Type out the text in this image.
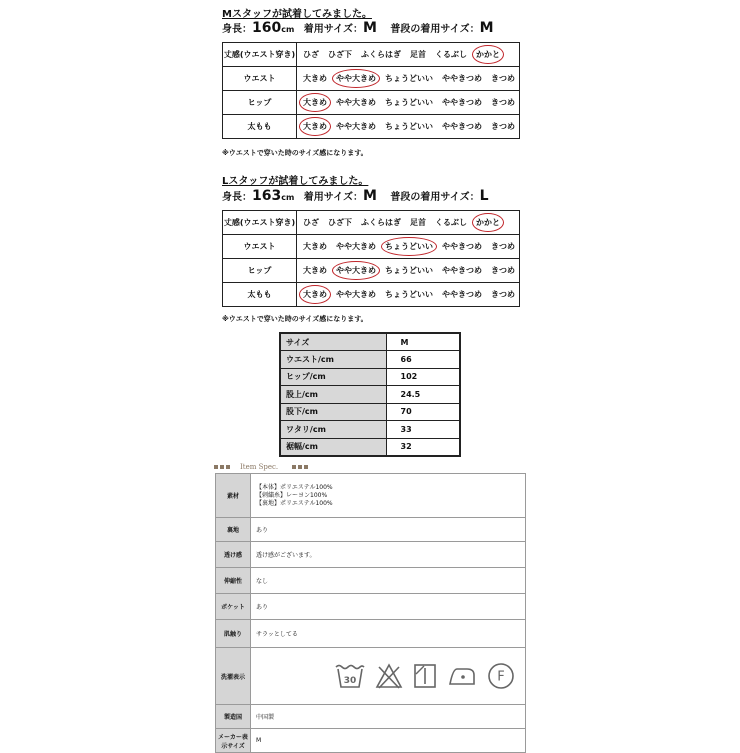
Mスタッフが試着してみました。
身長：160cm 着用サイズ：M 普段の着用サイズ：M
丈感(ウエスト穿き)	ひざ ひざ下 ふくらはぎ 足首 くるぶし かかと
ウエスト	大きめ やや大きめ ちょうどいい ややきつめ きつめ
ヒップ	大きめ やや大きめ ちょうどいい ややきつめ きつめ
太もも	大きめ やや大きめ ちょうどいい ややきつめ きつめ
※ウエストで穿いた時のサイズ感になります。
Lスタッフが試着してみました。
身長：163cm 着用サイズ：M 普段の着用サイズ：L
丈感(ウエスト穿き)	ひざ ひざ下 ふくらはぎ 足首 くるぶし かかと
ウエスト	大きめ やや大きめ ちょうどいい ややきつめ きつめ
ヒップ	大きめ やや大きめ ちょうどいい ややきつめ きつめ
太もも	大きめ やや大きめ ちょうどいい ややきつめ きつめ
※ウエストで穿いた時のサイズ感になります。
サイズ	M
ウエスト/cm	66
ヒップ/cm	102
股上/cm	24.5
股下/cm	70
ワタリ/cm	33
裾幅/cm	32
Item Spec.
素材	【本体】ポリエステル100%
【刺繍糸】レーヨン100%
【裏地】ポリエステル100%

裏地	あり
透け感	透け感がございます。
伸縮性	なし
ポケット	あり
肌触り	サラッとしてる
洗濯表示	30 F

製造国	中国製
メーカー表示サイズ	M
